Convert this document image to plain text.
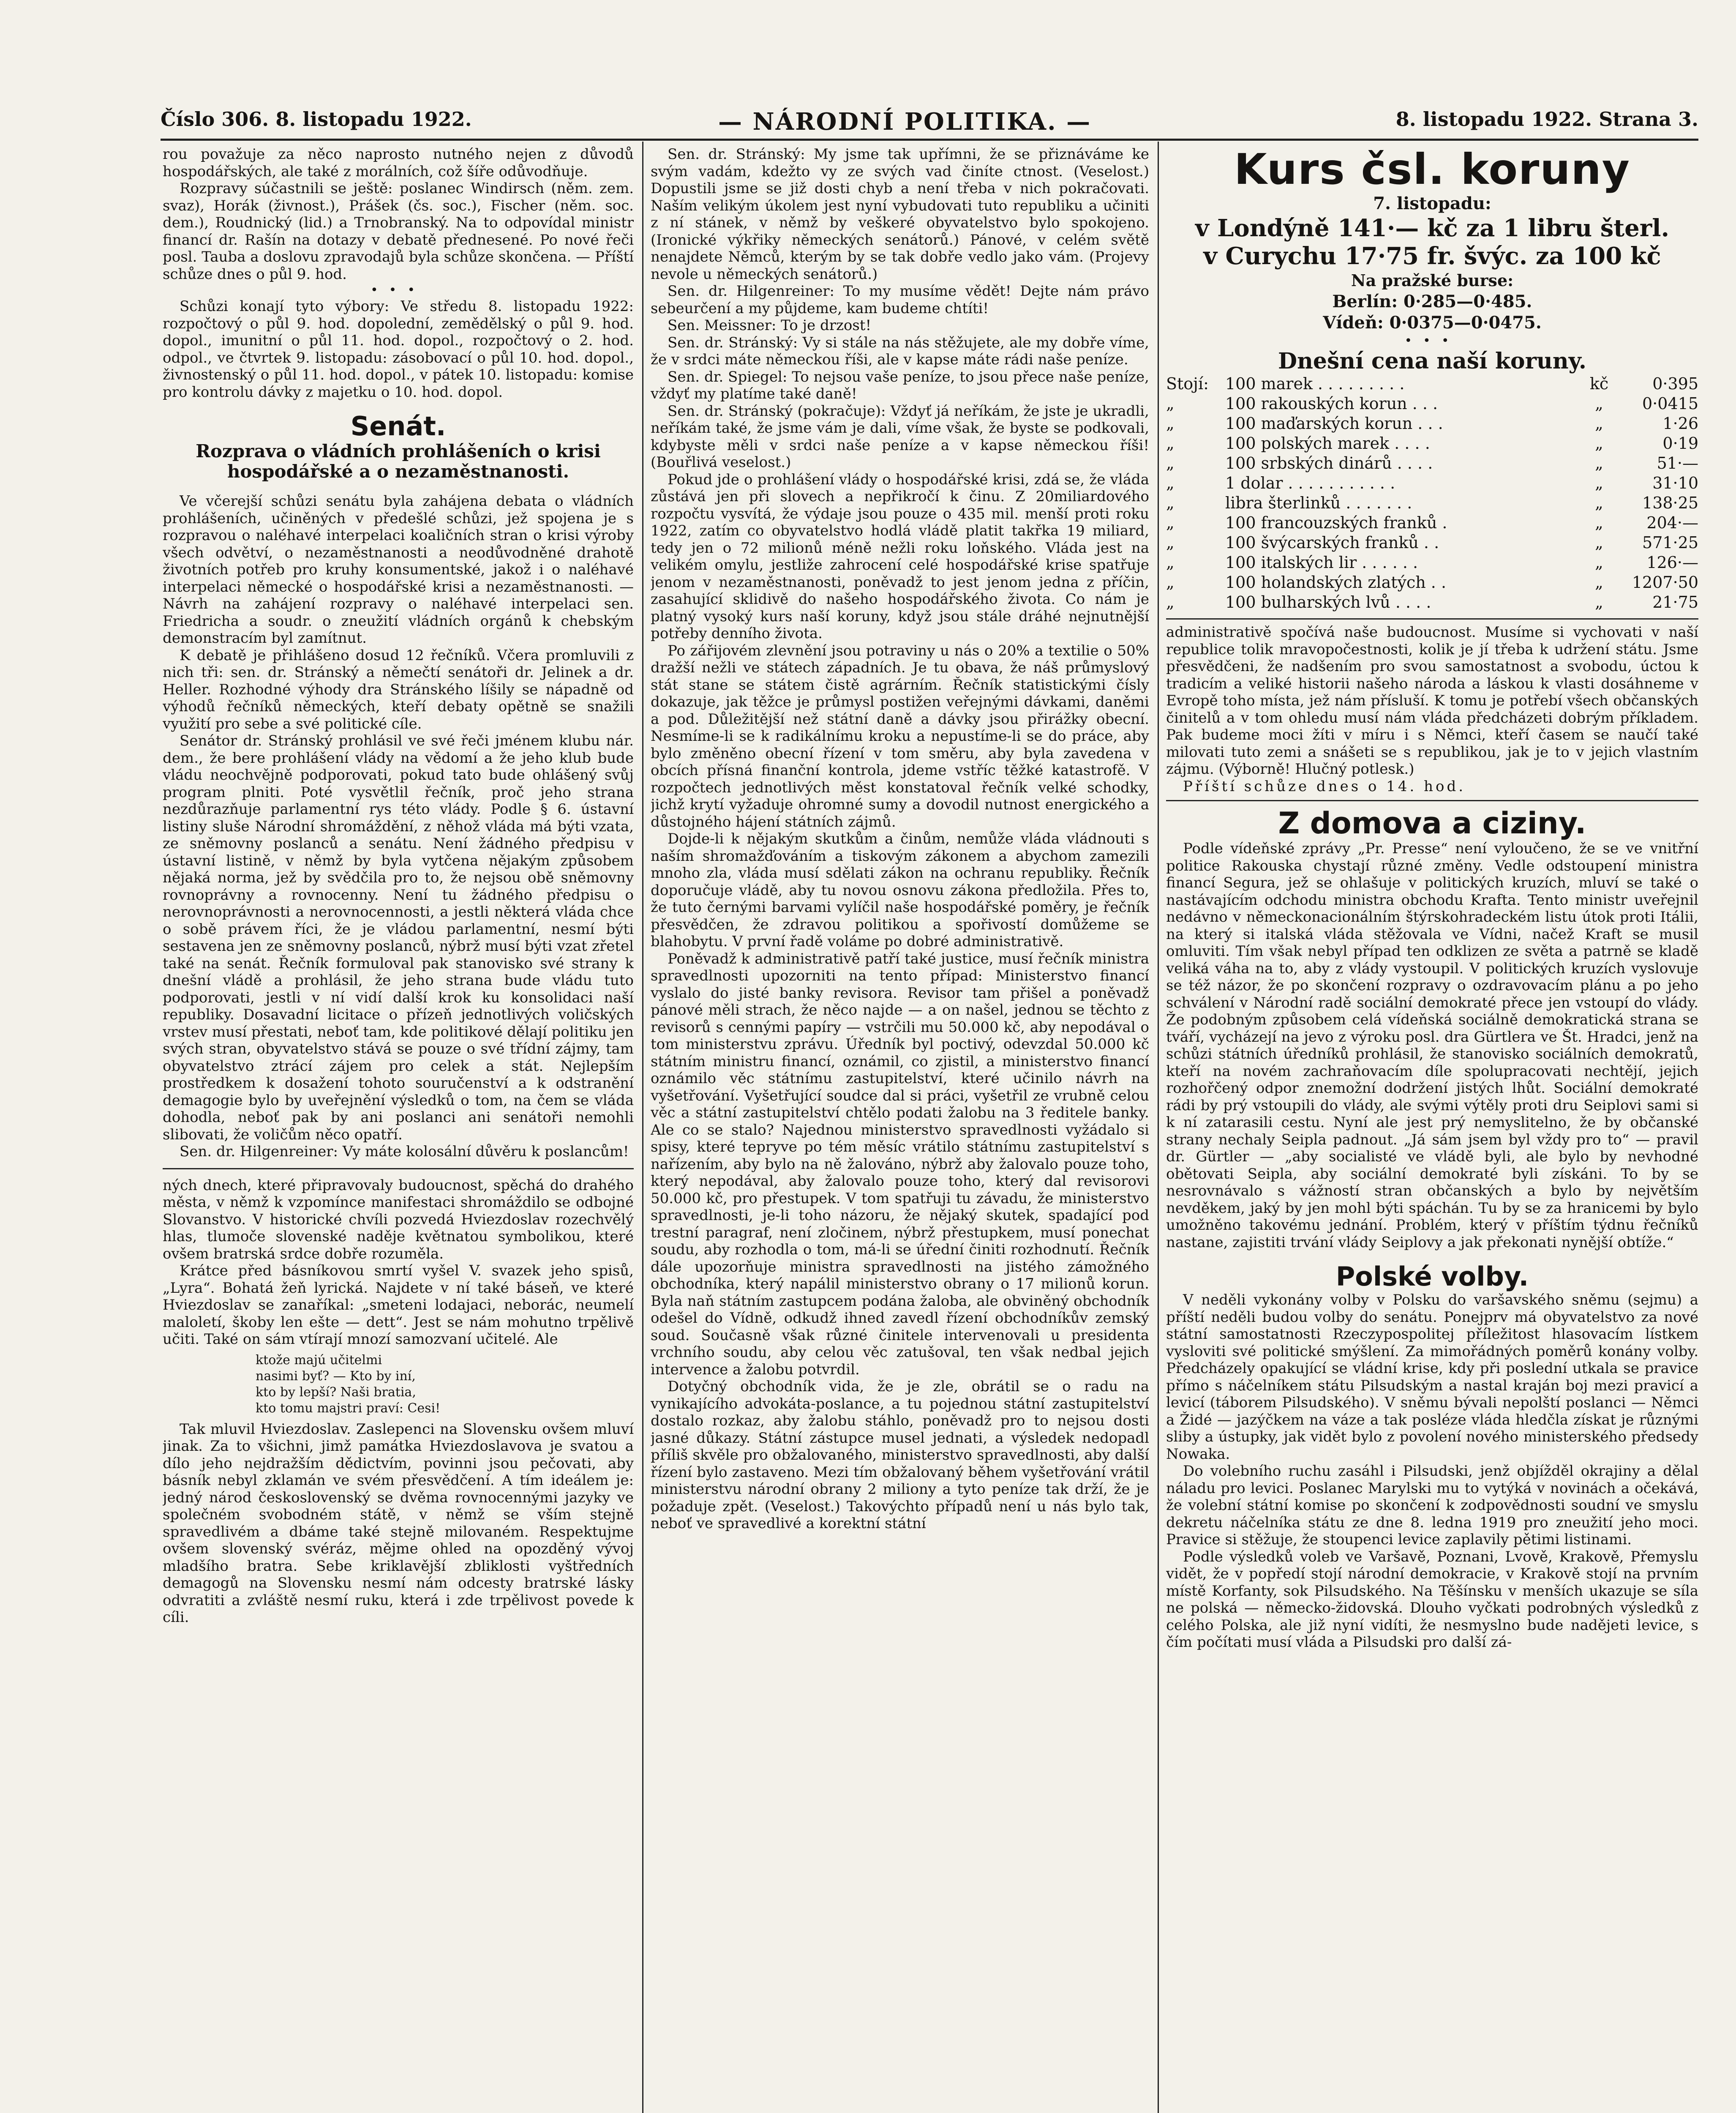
Číslo 306. 8. listopadu 1922.	— NÁRODNÍ POLITIKA. —	8. listopadu 1922. Strana 3.

rou považuje za něco naprosto nutného nejen z důvodů hospodářských, ale také z morálních, což šíře odůvodňuje.

Rozpravy súčastnili se ještě: poslanec Windirsch (něm. zem. svaz), Horák (živnost.), Prášek (čs. soc.), Fischer (něm. soc. dem.), Roudnický (lid.) a Trnobranský. Na to odpovídal ministr financí dr. Rašín na dotazy v debatě přednesené. Po nové řeči posl. Tauba a doslovu zpravodajů byla schůze skončena. — Příští schůze dnes o půl 9. hod.

•••

Schůzi konají tyto výbory: Ve středu 8. listopadu 1922: rozpočtový o půl 9. hod. dopolední, zemědělský o půl 9. hod. dopol., imunitní o půl 11. hod. dopol., rozpočtový o 2. hod. odpol., ve čtvrtek 9. listopadu: zásobovací o půl 10. hod. dopol., živnostenský o půl 11. hod. dopol., v pátek 10. listopadu: komise pro kontrolu dávky z majetku o 10. hod. dopol.

Senát.
Rozprava o vládních prohlášeních o krisi hospodářské a o nezaměstnanosti.

Ve včerejší schůzi senátu byla zahájena debata o vládních prohlášeních, učiněných v předešlé schůzi, jež spojena je s rozpravou o naléhavé interpelaci koaličních stran o krisi výroby všech odvětví, o nezaměstnanosti a neodůvodněné drahotě životních potřeb pro kruhy konsumentské, jakož i o naléhavé interpelaci německé o hospodářské krisi a nezaměstnanosti. — Návrh na zahájení rozpravy o naléhavé interpelaci sen. Friedricha a soudr. o zneužití vládních orgánů k chebským demonstracím byl zamítnut.

K debatě je přihlášeno dosud 12 řečníků. Včera promluvili z nich tři: sen. dr. Stránský a němečtí senátoři dr. Jelinek a dr. Heller. Rozhodné výhody dra Stránského líšily se nápadně od výhodů řečníků německých, kteří debaty opětně se snažili využití pro sebe a své politické cíle.

Senátor dr. Stránský prohlásil ve své řeči jménem klubu nár. dem., že bere prohlášení vlády na vědomí a že jeho klub bude vládu neochvějně podporovati, pokud tato bude ohlášený svůj program plniti. Poté vysvětlil řečník, proč jeho strana nezdůrazňuje parlamentní rys této vlády. Podle § 6. ústavní listiny sluše Národní shromáždění, z něhož vláda má býti vzata, ze sněmovny poslanců a senátu. Není žádného předpisu v ústavní listině, v němž by byla vytčena nějakým způsobem nějaká norma, jež by svědčila pro to, že nejsou obě sněmovny rovnoprávny a rovnocenny. Není tu žádného předpisu o nerovnoprávnosti a nerovnocennosti, a jestli některá vláda chce o sobě právem říci, že je vládou parlamentní, nesmí býti sestavena jen ze sněmovny poslanců, nýbrž musí býti vzat zřetel také na senát. Řečník formuloval pak stanovisko své strany k dnešní vládě a prohlásil, že jeho strana bude vládu tuto podporovati, jestli v ní vidí další krok ku konsolidaci naší republiky. Dosavadní licitace o přízeň jednotlivých voličských vrstev musí přestati, neboť tam, kde politikové dělají politiku jen svých stran, obyvatelstvo stává se pouze o své třídní zájmy, tam obyvatelstvo ztrácí zájem pro celek a stát. Nejlepším prostředkem k dosažení tohoto souručenství a k odstranění demagogie bylo by uveřejnění výsledků o tom, na čem se vláda dohodla, neboť pak by ani poslanci ani senátoři nemohli slibovati, že voličům něco opatří.

Sen. dr. Hilgenreiner: Vy máte kolosální důvěru k poslancům!

ných dnech, které připravovaly budoucnost, spěchá do drahého města, v němž k vzpomínce manifestaci shromáždilo se odbojné Slovanstvo. V historické chvíli pozvedá Hviezdoslav rozechvělý hlas, tlumoče slovenské naděje květnatou symbolikou, které ovšem bratrská srdce dobře rozuměla.

Krátce před básníkovou smrtí vyšel V. svazek jeho spisů, „Lyra“. Bohatá žeň lyrická. Najdete v ní také báseň, ve které Hviezdoslav se zanaříkal: „smeteni lodajaci, neborác, neumelí maloletí, škoby len ešte — dett“. Jest se nám mohutno trpělivě učiti. Také on sám vtírají mnozí samozvaní učitelé. Ale

ktože majú učitelmi
nasimi byť? — Kto by iní,
kto by lepší? Naši bratia,
kto tomu majstri praví: Cesi!

Tak mluvil Hviezdoslav. Zaslepenci na Slovensku ovšem mluví jinak. Za to všichni, jimž památka Hviezdoslavova je svatou a dílo jeho nejdražším dědictvím, povinni jsou pečovati, aby básník nebyl zklamán ve svém přesvědčení. A tím ideálem je: jedný národ československý se dvěma rovnocennými jazyky ve společném svobodném státě, v němž se vším stejně spravedlivém a dbáme také stejně milovaném. Respektujme ovšem slovenský svéráz, mějme ohled na opozděný vývoj mladšího bratra. Sebe kriklavější zbliklosti vyštředních demagogů na Slovensku nesmí nám odcesty bratrské lásky odvratiti a zvláště nesmí ruku, která i zde trpělivost povede k cíli.

Sen. dr. Stránský: My jsme tak upřímni, že se přiznáváme ke svým vadám, kdežto vy ze svých vad činíte ctnost. (Veselost.) Dopustili jsme se již dosti chyb a není třeba v nich pokračovati. Naším velikým úkolem jest nyní vybudovati tuto republiku a učiniti z ní stánek, v němž by veškeré obyvatelstvo bylo spokojeno. (Ironické výkřiky německých senátorů.) Pánové, v celém světě nenajdete Němců, kterým by se tak dobře vedlo jako vám. (Projevy nevole u německých senátorů.)

Sen. dr. Hilgenreiner: To my musíme vědět! Dejte nám právo sebeurčení a my půjdeme, kam budeme chtíti!

Sen. Meissner: To je drzost!

Sen. dr. Stránský: Vy si stále na nás stěžujete, ale my dobře víme, že v srdci máte německou říši, ale v kapse máte rádi naše peníze.

Sen. dr. Spiegel: To nejsou vaše peníze, to jsou přece naše peníze, vždyť my platíme také daně!

Sen. dr. Stránský (pokračuje): Vždyť já neříkám, že jste je ukradli, neříkám také, že jsme vám je dali, víme však, že byste se podkovali, kdybyste měli v srdci naše peníze a v kapse německou říši! (Bouřlivá veselost.)

Pokud jde o prohlášení vlády o hospodářské krisi, zdá se, že vláda zůstává jen při slovech a nepřikročí k činu. Z 20miliardového rozpočtu vysvítá, že výdaje jsou pouze o 435 mil. menší proti roku 1922, zatím co obyvatelstvo hodlá vládě platit takřka 19 miliard, tedy jen o 72 milionů méně nežli roku loňského. Vláda jest na velikém omylu, jestliže zahrocení celé hospodářské krise spatřuje jenom v nezaměstnanosti, poněvadž to jest jenom jedna z příčin, zasahující sklidivě do našeho hospodářského života. Co nám je platný vysoký kurs naší koruny, když jsou stále dráhé nejnutnější potřeby denního života.

Po zářijovém zlevnění jsou potraviny u nás o 20% a textilie o 50% dražší nežli ve státech západních. Je tu obava, že náš průmyslový stát stane se státem čistě agrárním. Řečník statistickými čísly dokazuje, jak těžce je průmysl postižen veřejnými dávkami, daněmi a pod. Důležitější než státní daně a dávky jsou přirážky obecní. Nesmíme-li se k radikálnímu kroku a nepustíme-li se do práce, aby bylo změněno obecní řízení v tom směru, aby byla zavedena v obcích přísná finanční kontrola, jdeme vstříc těžké katastrofě. V rozpočtech jednotlivých měst konstatoval řečník velké schodky, jichž krytí vyžaduje ohromné sumy a dovodil nutnost energického a důstojného hájení státních zájmů.

Dojde-li k nějakým skutkům a činům, nemůže vláda vládnouti s naším shromažďováním a tiskovým zákonem a abychom zamezili mnoho zla, vláda musí sdělati zákon na ochranu republiky. Řečník doporučuje vládě, aby tu novou osnovu zákona předložila. Přes to, že tuto černými barvami vylíčil naše hospodářské poměry, je řečník přesvědčen, že zdravou politikou a spořivostí domůžeme se blahobytu. V první řadě voláme po dobré administrativě.

Poněvadž k administrativě patří také justice, musí řečník ministra spravedlnosti upozorniti na tento případ: Ministerstvo financí vyslalo do jisté banky revisora. Revisor tam přišel a poněvadž pánové měli strach, že něco najde — a on našel, jednou se těchto z revisorů s cennými papíry — vstrčili mu 50.000 kč, aby nepodával o tom ministerstvu zprávu. Úředník byl poctivý, odevzdal 50.000 kč státním ministru financí, oznámil, co zjistil, a ministerstvo financí oznámilo věc státnímu zastupitelství, které učinilo návrh na vyšetřování. Vyšetřující soudce dal si práci, vyšetřil ze vrubně celou věc a státní zastupitelství chtělo podati žalobu na 3 ředitele banky. Ale co se stalo? Najednou ministerstvo spravedlnosti vyžádalo si spisy, které tepryve po tém měsíc vrátilo státnímu zastupitelství s nařízením, aby bylo na ně žalováno, nýbrž aby žalovalo pouze toho, který nepodával, aby žalovalo pouze toho, který dal revisorovi 50.000 kč, pro přestupek. V tom spatřuji tu závadu, že ministerstvo spravedlnosti, je-li toho názoru, že nějaký skutek, spadající pod trestní paragraf, není zločinem, nýbrž přestupkem, musí ponechat soudu, aby rozhodla o tom, má-li se úřední činiti rozhodnutí. Řečník dále upozorňuje ministra spravedlnosti na jistého zámožného obchodníka, který napálil ministerstvo obrany o 17 milionů korun. Byla naň státním zastupcem podána žaloba, ale obviněný obchodník odešel do Vídně, odkudž ihned zavedl řízení obchodníkův zemský soud. Současně však různé činitele intervenovali u presidenta vrchního soudu, aby celou věc zatušoval, ten však nedbal jejich intervence a žalobu potvrdil.

Dotyčný obchodník vida, že je zle, obrátil se o radu na vynikajícího advokáta-poslance, a tu pojednou státní zastupitelství dostalo rozkaz, aby žalobu stáhlo, poněvadž pro to nejsou dosti jasné důkazy. Státní zástupce musel jednati, a výsledek nedopadl příliš skvěle pro obžalovaného, ministerstvo spravedlnosti, aby další řízení bylo zastaveno. Mezi tím obžalovaný během vyšetřování vrátil ministerstvu národní obrany 2 miliony a tyto peníze tak drží, že je požaduje zpět. (Veselost.) Takovýchto případů není u nás bylo tak, neboť ve spravedlivé a korektní státní

Kurs čsl. koruny
7. listopadu:
v Londýně 141·— kč za 1 libru šterl.
v Curychu 17·75 fr. švýc. za 100 kč
Na pražské burse:
Berlín: 0·285—0·485.
Vídeň: 0·0375—0·0475.
•••
Dnešní cena naší koruny.
Stojí:	100 marek . . . . . . . . .	kč	0·395
„	100 rakouských korun . . .	„	0·0415
„	100 maďarských korun . . .	„	1·26
„	100 polských marek . . . .	„	0·19
„	100 srbských dinárů . . . .	„	51·—
„	1 dolar . . . . . . . . . . .	„	31·10
„	libra šterlinků . . . . . . .	„	138·25
„	100 francouzských franků .	„	204·—
„	100 švýcarských franků . .	„	571·25
„	100 italských lir . . . . . .	„	126·—
„	100 holandských zlatých . .	„	1207·50
„	100 bulharských lvů . . . .	„	21·75

administrativě spočívá naše budoucnost. Musíme si vychovati v naší republice tolik mravopočestnosti, kolik je jí třeba k udržení státu. Jsme přesvědčeni, že nadšením pro svou samostatnost a svobodu, úctou k tradicím a veliké historii našeho národa a láskou k vlasti dosáhneme v Evropě toho místa, jež nám přísluší. K tomu je potřebí všech občanských činitelů a v tom ohledu musí nám vláda předcházeti dobrým příkladem. Pak budeme moci žíti v míru i s Němci, kteří časem se naučí také milovati tuto zemi a snášeti se s republikou, jak je to v jejich vlastním zájmu. (Výborně! Hlučný potlesk.)

Příští schůze dnes o 14. hod.

Z domova a ciziny.

Podle vídeňské zprávy „Pr. Presse“ není vyloučeno, že se ve vnitřní politice Rakouska chystají různé změny. Vedle odstoupení ministra financí Segura, jež se ohlašuje v politických kruzích, mluví se také o nastávajícím odchodu ministra obchodu Krafta. Tento ministr uveřejnil nedávno v německonacionálním štýrskohradeckém listu útok proti Itálii, na který si italská vláda stěžovala ve Vídni, načež Kraft se musil omluviti. Tím však nebyl případ ten odklizen ze světa a patrně se kladě veliká váha na to, aby z vlády vystoupil. V politických kruzích vyslovuje se též názor, že po skončení rozpravy o ozdravovacím plánu a po jeho schválení v Národní radě sociální demokraté přece jen vstoupí do vlády. Že podobným způsobem celá vídeňská sociálně demokratická strana se tváří, vycházejí na jevo z výroku posl. dra Gürtlera ve Št. Hradci, jenž na schůzi státních úředníků prohlásil, že stanovisko sociálních demokratů, kteří na novém zachraňovacím díle spolupracovati nechtějí, jejich rozhořčený odpor znemožní dodržení jistých lhůt. Sociální demokraté rádi by prý vstoupili do vlády, ale svými výtěly proti dru Seiplovi sami si k ní zatarasili cestu. Nyní ale jest prý nemyslitelno, že by občanské strany nechaly Seipla padnout. „Já sám jsem byl vždy pro to“ — pravil dr. Gürtler — „aby socialisté ve vládě byli, ale bylo by nevhodné obětovati Seipla, aby sociální demokraté byli získáni. To by se nesrovnávalo s vážností stran občanských a bylo by největším nevděkem, jaký by jen mohl býti spáchán. Tu by se za hranicemi by bylo umožněno takovému jednání. Problém, který v příštím týdnu řečníků nastane, zajistiti trvání vlády Seiplovy a jak překonati nynější obtíže.“

Polské volby.

V neděli vykonány volby v Polsku do varšavského sněmu (sejmu) a příští neděli budou volby do senátu. Ponejprv má obyvatelstvo za nové státní samostatnosti Rzeczypospolitej příležitost hlasovacím lístkem vysloviti své politické smýšlení. Za mimořádných poměrů konány volby. Předcházely opakující se vládní krise, kdy při poslední utkala se pravice přímo s náčelníkem státu Pilsudským a nastal kraján boj mezi pravicí a levicí (táborem Pilsudského). V sněmu bývali nepolští poslanci — Němci a Židé — jazýčkem na váze a tak posléze vláda hledčla získat je různými sliby a ústupky, jak vidět bylo z povolení nového ministerského předsedy Nowaka.

Do volebního ruchu zasáhl i Pilsudski, jenž objížděl okrajiny a dělal náladu pro levici. Poslanec Marylski mu to vytýká v novinách a očekává, že volební státní komise po skončení k zodpovědnosti soudní ve smyslu dekretu náčelníka státu ze dne 8. ledna 1919 pro zneužití jeho moci. Pravice si stěžuje, že stoupenci levice zaplavily pětimi listinami.

Podle výsledků voleb ve Varšavě, Poznani, Lvově, Krakově, Přemyslu vidět, že v popředí stojí národní demokracie, v Krakově stojí na prvním místě Korfanty, sok Pilsudského. Na Těšínsku v menších ukazuje se síla ne polská — německo-židovská. Dlouho vyčkati podrobných výsledků z celého Polska, ale již nyní vidíti, že nesmyslno bude nadějeti levice, s čím počítati musí vláda a Pilsudski pro další zá-
